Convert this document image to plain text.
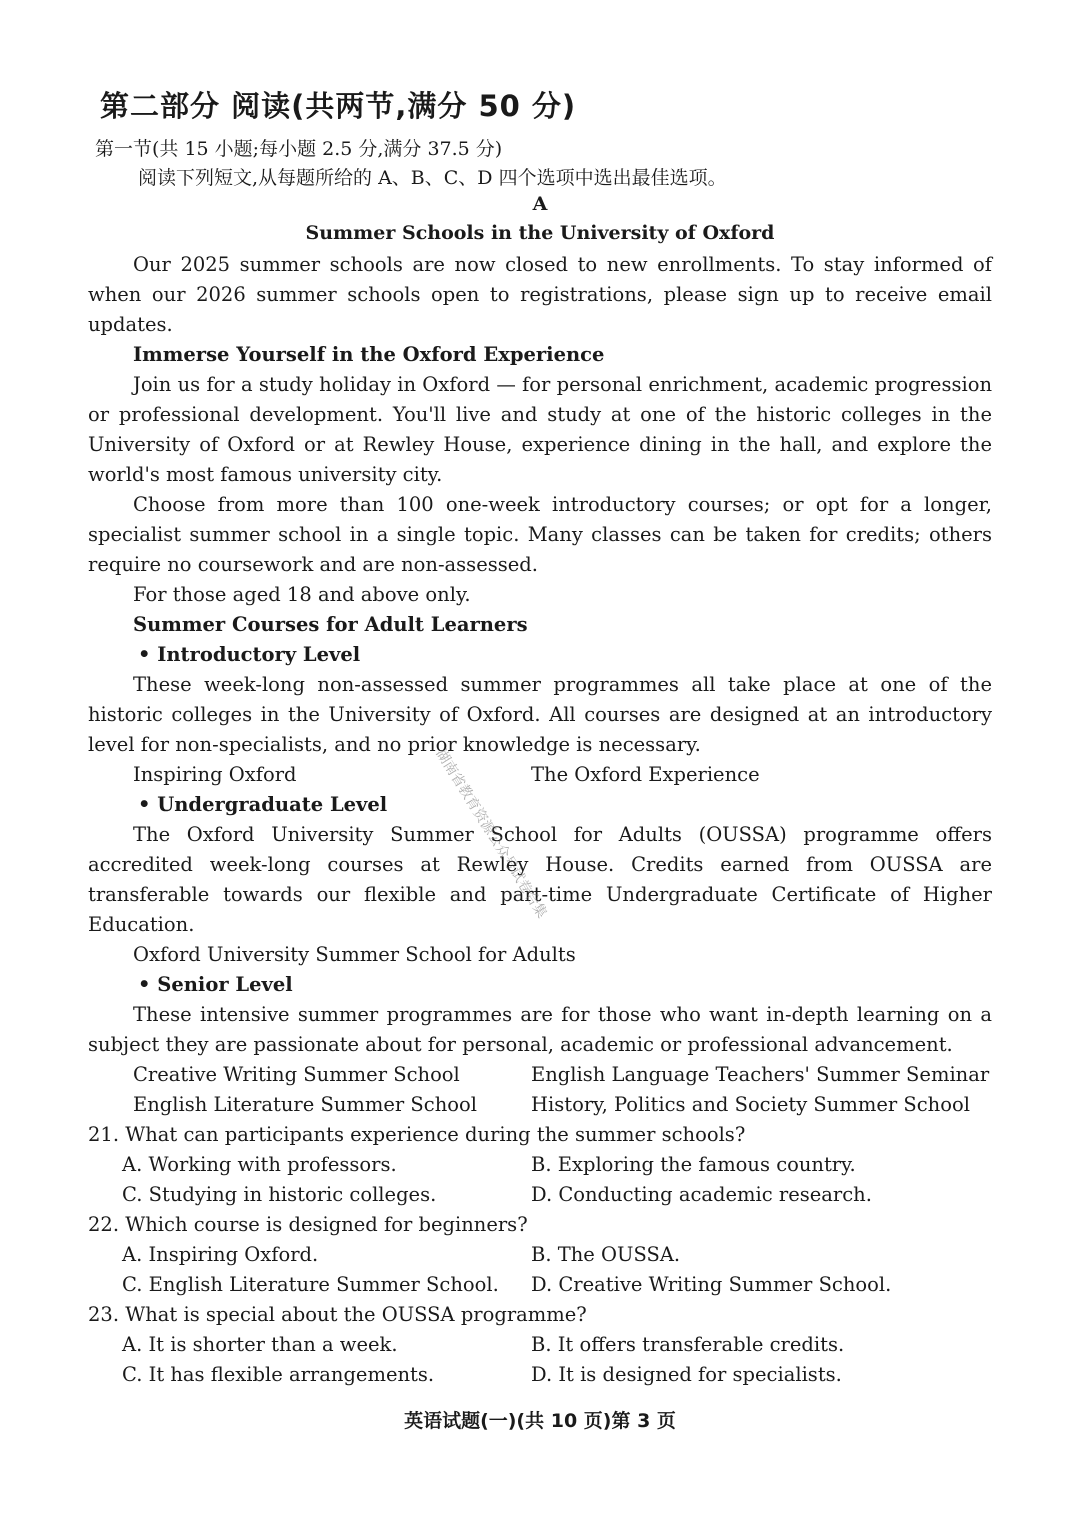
第二部分 阅读(共两节,满分 50 分)
第一节(共 15 小题;每小题 2.5 分,满分 37.5 分)
阅读下列短文,从每题所给的 A、B、C、D 四个选项中选出最佳选项。
A
Summer Schools in the University of Oxford

Our 2025 summer schools are now closed to new enrollments. To stay informed of when our 2026 summer schools open to registrations, please sign up to receive email updates.

Immerse Yourself in the Oxford Experience

Join us for a study holiday in Oxford — for personal enrichment, academic progression or professional development. You'll live and study at one of the historic colleges in the University of Oxford or at Rewley House, experience dining in the hall, and explore the world's most famous university city.

Choose from more than 100 one-week introductory courses; or opt for a longer, specialist summer school in a single topic. Many classes can be taken for credits; others require no coursework and are non-assessed.

For those aged 18 and above only.

Summer Courses for Adult Learners

• Introductory Level

These week-long non-assessed summer programmes all take place at one of the historic colleges in the University of Oxford. All courses are designed at an introductory level for non-specialists, and no prior knowledge is necessary.

Inspiring Oxford	The Oxford Experience

• Undergraduate Level

The Oxford University Summer School for Adults (OUSSA) programme offers accredited week-long courses at Rewley House. Credits earned from OUSSA are transferable towards our flexible and part-time Undergraduate Certificate of Higher Education.

Oxford University Summer School for Adults

• Senior Level

These intensive summer programmes are for those who want in-depth learning on a subject they are passionate about for personal, academic or professional advancement.

Creative Writing Summer School	English Language Teachers' Summer Seminar
English Literature Summer School	History, Politics and Society Summer School

21. What can participants experience during the summer schools?

A. Working with professors.	B. Exploring the famous country.
C. Studying in historic colleges.	D. Conducting academic research.

22. Which course is designed for beginners?

A. Inspiring Oxford.	B. The OUSSA.
C. English Literature Summer School.	D. Creative Writing Summer School.

23. What is special about the OUSSA programme?

A. It is shorter than a week.	B. It offers transferable credits.
C. It has flexible arrangements.	D. It is designed for specialists.
湖南省教育资源公众号试卷合集
英语试题(一)(共 10 页)第 3 页
